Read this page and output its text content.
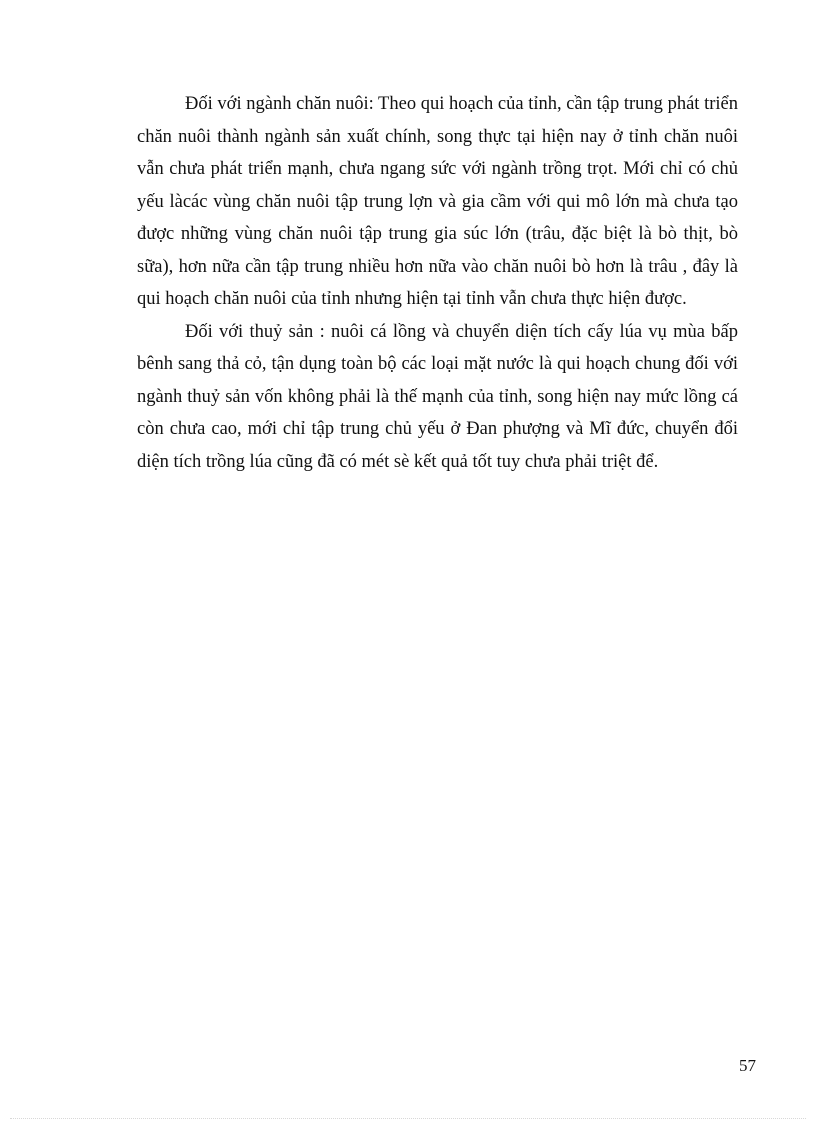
Đối với ngành chăn nuôi: Theo qui hoạch của tỉnh, cần tập trung phát triển chăn nuôi thành ngành sản xuất chính, song thực tại hiện nay ở tỉnh chăn nuôi vẫn chưa phát triển mạnh, chưa ngang sức với ngành trồng trọt. Mới chỉ có chủ yếu làcác vùng chăn nuôi tập trung lợn và gia cầm với qui mô lớn mà chưa tạo được những vùng chăn nuôi tập trung gia súc lớn (trâu, đặc biệt là bò thịt, bò sữa), hơn nữa cần tập trung nhiều hơn nữa vào chăn nuôi bò hơn là trâu , đây là qui hoạch chăn nuôi của tỉnh nhưng hiện tại tỉnh vẫn chưa thực hiện được.

Đối với thuỷ sản : nuôi cá lồng và chuyển diện tích cấy lúa vụ mùa bấp bênh sang thả cỏ, tận dụng toàn bộ các loại mặt nước là qui hoạch chung đối với ngành thuỷ sản vốn không phải là thế mạnh của tỉnh, song hiện nay mức lồng cá còn chưa cao, mới chỉ tập trung chủ yếu ở Đan phượng và Mĩ đức, chuyển đổi diện tích trồng lúa cũng đã có mét sè kết quả tốt tuy chưa phải triệt để.

57
